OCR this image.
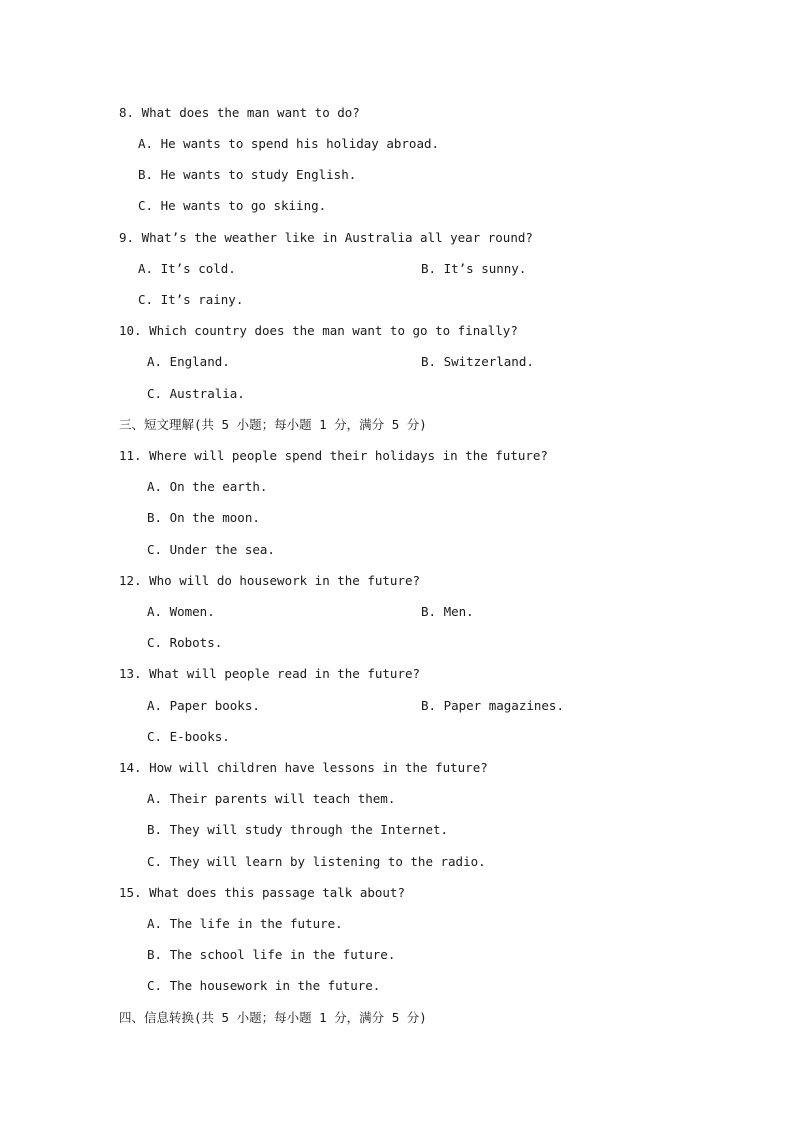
8. What does the man want to do?
A. He wants to spend his holiday abroad.
B. He wants to study English.
C. He wants to go skiing.
9. What’s the weather like in Australia all year round?
A. It’s cold.	B. It’s sunny.
C. It’s rainy.
10. Which country does the man want to go to finally?
A. England.	B. Switzerland.
C. Australia.
三、短文理解(共 5 小题；每小题 1 分，满分 5 分)
11. Where will people spend their holidays in the future?
A. On the earth.
B. On the moon.
C. Under the sea.
12. Who will do housework in the future?
A. Women.	B. Men.
C. Robots.
13. What will people read in the future?
A. Paper books.	B. Paper magazines.
C. E-books.
14. How will children have lessons in the future?
A. Their parents will teach them.
B. They will study through the Internet.
C. They will learn by listening to the radio.
15. What does this passage talk about?
A. The life in the future.
B. The school life in the future.
C. The housework in the future.
四、信息转换(共 5 小题；每小题 1 分，满分 5 分)
